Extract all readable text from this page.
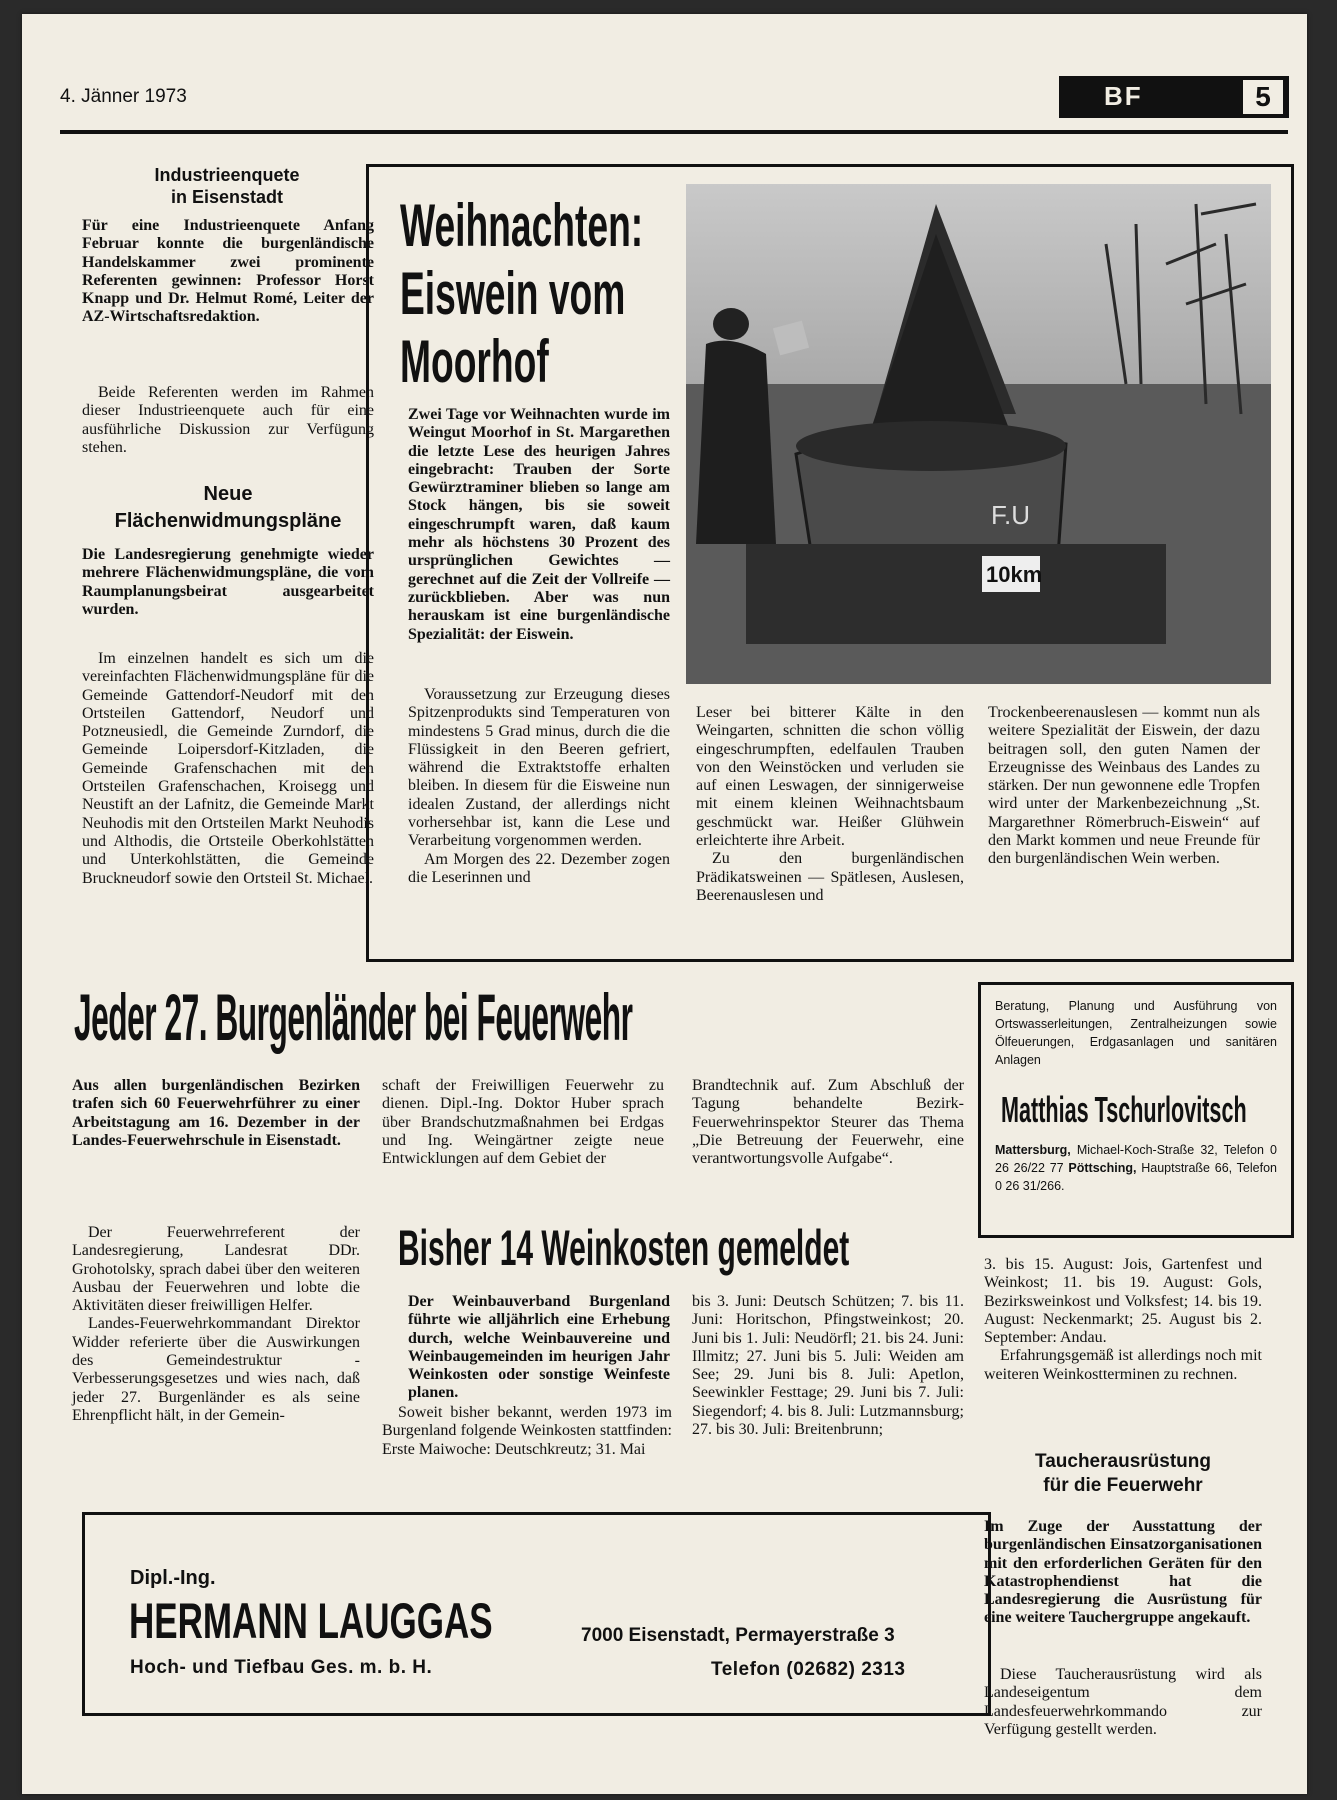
4. Jänner 1973	BF	5
Industrieenquete
in Eisenstadt
Für eine Industrieenquete Anfang Februar konnte die burgenländische Handelskammer zwei prominente Referenten gewinnen: Professor Horst Knapp und Dr. Helmut Romé, Leiter der AZ-Wirtschaftsredaktion.

Beide Referenten werden im Rahmen dieser Industrieenquete auch für eine ausführliche Diskussion zur Verfügung stehen.

Neue
Flächenwidmungspläne
Die Landesregierung genehmigte wieder mehrere Flächenwidmungspläne, die vom Raumplanungsbeirat ausgearbeitet wurden.

Im einzelnen handelt es sich um die vereinfachten Flächenwidmungspläne für die Gemeinde Gattendorf-Neudorf mit den Ortsteilen Gattendorf, Neudorf und Potzneusiedl, die Gemeinde Zurndorf, die Gemeinde Loipersdorf-Kitzladen, die Gemeinde Grafenschachen mit den Ortsteilen Grafenschachen, Kroisegg und Neustift an der Lafnitz, die Gemeinde Markt Neuhodis mit den Ortsteilen Markt Neuhodis und Althodis, die Ortsteile Oberkohlstätten und Unterkohlstätten, die Gemeinde Bruckneudorf sowie den Ortsteil St. Michael.

Weihnachten:
Eiswein vom
Moorhof
Zwei Tage vor Weihnachten wurde im Weingut Moorhof in St. Margarethen die letzte Lese des heurigen Jahres eingebracht: Trauben der Sorte Gewürztraminer blieben so lange am Stock hängen, bis sie soweit eingeschrumpft waren, daß kaum mehr als höchstens 30 Prozent des ursprünglichen Gewichtes — gerechnet auf die Zeit der Vollreife — zurückblieben. Aber was nun herauskam ist eine burgenländische Spezialität: der Eiswein.
10km
F.U

Voraussetzung zur Erzeugung dieses Spitzenprodukts sind Temperaturen von mindestens 5 Grad minus, durch die die Flüssigkeit in den Beeren gefriert, während die Extraktstoffe erhalten bleiben. In diesem für die Eisweine nun idealen Zustand, der allerdings nicht vorhersehbar ist, kann die Lese und Verarbeitung vorgenommen werden.

Am Morgen des 22. Dezember zogen die Leserinnen und

Leser bei bitterer Kälte in den Weingarten, schnitten die schon völlig eingeschrumpften, edelfaulen Trauben von den Weinstöcken und verluden sie auf einen Leswagen, der sinnigerweise mit einem kleinen Weihnachtsbaum geschmückt war. Heißer Glühwein erleichterte ihre Arbeit.

Zu den burgenländischen Prädikatsweinen — Spätlesen, Auslesen, Beerenauslesen und

Trockenbeerenauslesen — kommt nun als weitere Spezialität der Eiswein, der dazu beitragen soll, den guten Namen der Erzeugnisse des Weinbaus des Landes zu stärken. Der nun gewonnene edle Tropfen wird unter der Markenbezeichnung „St. Margarethner Römerbruch-Eiswein“ auf den Markt kommen und neue Freunde für den burgenländischen Wein werben.

Jeder 27. Burgenländer bei Feuerwehr
Aus allen burgenländischen Bezirken trafen sich 60 Feuerwehrführer zu einer Arbeitstagung am 16. Dezember in der Landes-Feuerwehrschule in Eisenstadt.

Der Feuerwehrreferent der Landesregierung, Landesrat DDr. Grohotolsky, sprach dabei über den weiteren Ausbau der Feuerwehren und lobte die Aktivitäten dieser freiwilligen Helfer.

Landes-Feuerwehrkommandant Direktor Widder referierte über die Auswirkungen des Gemeindestruktur - Verbesserungsgesetzes und wies nach, daß jeder 27. Burgenländer es als seine Ehrenpflicht hält, in der Gemein-

schaft der Freiwilligen Feuerwehr zu dienen. Dipl.-Ing. Doktor Huber sprach über Brandschutzmaßnahmen bei Erdgas und Ing. Weingärtner zeigte neue Entwicklungen auf dem Gebiet der

Brandtechnik auf. Zum Abschluß der Tagung behandelte Bezirk-Feuerwehrinspektor Steurer das Thema „Die Betreuung der Feuerwehr, eine verantwortungsvolle Aufgabe“.

Beratung, Planung und Ausführung von Ortswasserleitungen, Zentralheizungen sowie Ölfeuerungen, Erdgasanlagen und sanitären Anlagen
Matthias Tschurlovitsch
Mattersburg, Michael-Koch-Straße 32, Telefon 0 26 26/22 77 Pöttsching, Hauptstraße 66, Telefon 0 26 31/266.
Bisher 14 Weinkosten gemeldet
Der Weinbauverband Burgenland führte wie alljährlich eine Erhebung durch, welche Weinbauvereine und Weinbaugemeinden im heurigen Jahr Weinkosten oder sonstige Weinfeste planen.

Soweit bisher bekannt, werden 1973 im Burgenland folgende Weinkosten stattfinden: Erste Maiwoche: Deutschkreutz; 31. Mai

bis 3. Juni: Deutsch Schützen; 7. bis 11. Juni: Horitschon, Pfingstweinkost; 20. Juni bis 1. Juli: Neudörfl; 21. bis 24. Juni: Illmitz; 27. Juni bis 5. Juli: Weiden am See; 29. Juni bis 8. Juli: Apetlon, Seewinkler Festtage; 29. Juni bis 7. Juli: Siegendorf; 4. bis 8. Juli: Lutzmannsburg; 27. bis 30. Juli: Breitenbrunn;

3. bis 15. August: Jois, Gartenfest und Weinkost; 11. bis 19. August: Gols, Bezirksweinkost und Volksfest; 14. bis 19. August: Neckenmarkt; 25. August bis 2. September: Andau.

Erfahrungsgemäß ist allerdings noch mit weiteren Weinkostterminen zu rechnen.

Taucherausrüstung
für die Feuerwehr
Im Zuge der Ausstattung der burgenländischen Einsatzorganisationen mit den erforderlichen Geräten für den Katastrophendienst hat die Landesregierung die Ausrüstung für eine weitere Tauchergruppe angekauft.

Diese Taucherausrüstung wird als Landeseigentum dem Landesfeuerwehrkommando zur Verfügung gestellt werden.

Dipl.-Ing.
HERMANN LAUGGAS
Hoch- und Tiefbau Ges. m. b. H.
7000 Eisenstadt, Permayerstraße 3
Telefon (02682) 2313
